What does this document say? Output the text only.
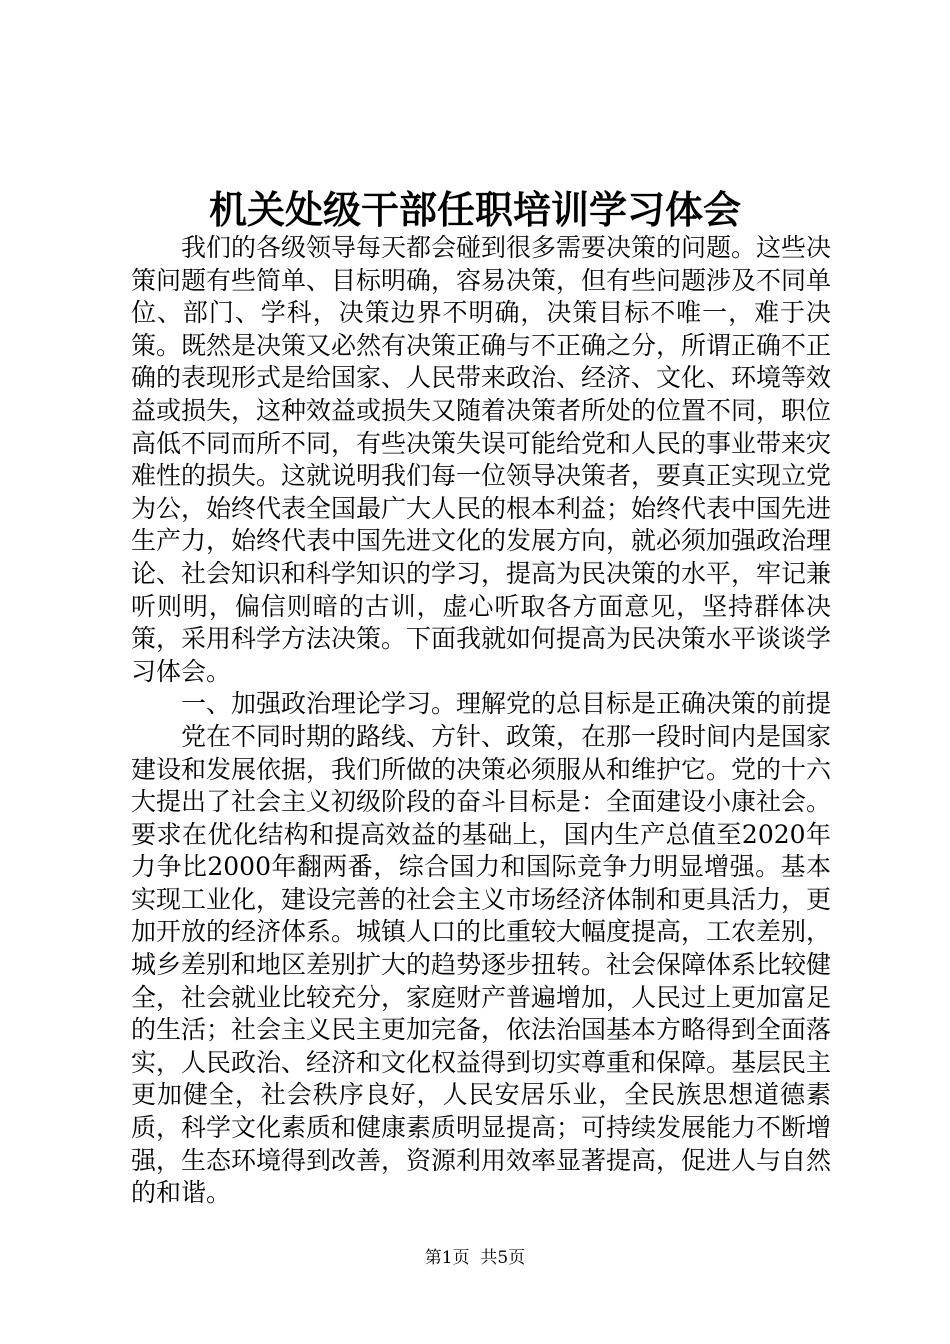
机关处级干部任职培训学习体会

我们的各级领导每天都会碰到很多需要决策的问题。这些决策问题有些简单、目标明确，容易决策，但有些问题涉及不同单位、部门、学科，决策边界不明确，决策目标不唯一，难于决策。既然是决策又必然有决策正确与不正确之分，所谓正确不正确的表现形式是给国家、人民带来政治、经济、文化、环境等效益或损失，这种效益或损失又随着决策者所处的位置不同，职位高低不同而所不同，有些决策失误可能给党和人民的事业带来灾难性的损失。这就说明我们每一位领导决策者，要真正实现立党为公，始终代表全国最广大人民的根本利益；始终代表中国先进生产力，始终代表中国先进文化的发展方向，就必须加强政治理论、社会知识和科学知识的学习，提高为民决策的水平，牢记兼听则明，偏信则暗的古训，虚心听取各方面意见，坚持群体决策，采用科学方法决策。下面我就如何提高为民决策水平谈谈学习体会。

一、加强政治理论学习。理解党的总目标是正确决策的前提

党在不同时期的路线、方针、政策，在那一段时间内是国家建设和发展依据，我们所做的决策必须服从和维护它。党的十六大提出了社会主义初级阶段的奋斗目标是：全面建设小康社会。要求在优化结构和提高效益的基础上，国内生产总值至2020年力争比2000年翻两番，综合国力和国际竞争力明显增强。基本实现工业化，建设完善的社会主义市场经济体制和更具活力，更加开放的经济体系。城镇人口的比重较大幅度提高，工农差别，城乡差别和地区差别扩大的趋势逐步扭转。社会保障体系比较健全，社会就业比较充分，家庭财产普遍增加，人民过上更加富足的生活；社会主义民主更加完备，依法治国基本方略得到全面落实，人民政治、经济和文化权益得到切实尊重和保障。基层民主更加健全，社会秩序良好，人民安居乐业，全民族思想道德素质，科学文化素质和健康素质明显提高；可持续发展能力不断增强，生态环境得到改善，资源利用效率显著提高，促进人与自然的和谐。

第1页 共5页
